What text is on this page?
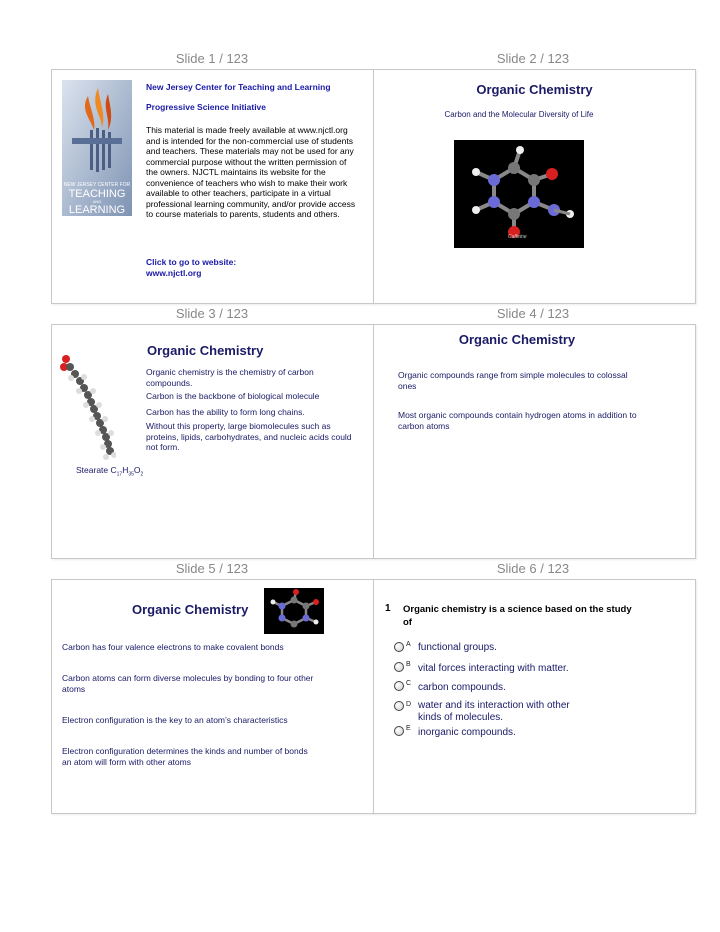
Slide 1 / 123	Slide 2 / 123
Slide 3 / 123	Slide 4 / 123
Slide 5 / 123	Slide 6 / 123
NEW JERSEY CENTER FOR
TEACHING
AND
LEARNING
New Jersey Center for Teaching and Learning
Progressive Science Initiative
This material is made freely available at www.njctl.org and is intended for the non-commercial use of students and teachers. These materials may not be used for any commercial purpose without the written permission of the owners. NJCTL maintains its website for the convenience of teachers who wish to make their work available to other teachers, participate in a virtual professional learning community, and/or provide access to course materials to parents, students and others.
Click to go to website:
www.njctl.org
Organic Chemistry
Carbon and the Molecular Diversity of Life
Caffeine
Organic Chemistry
Organic chemistry is the chemistry of carbon compounds.
Carbon is the backbone of biological molecule
Carbon has the ability to form long chains.
Without this property, large biomolecules such as proteins, lipids, carbohydrates, and nucleic acids could not form.
Stearate $C_{17}H_{35}O_2$
Organic Chemistry
Organic compounds range from simple molecules to colossal ones
Most organic compounds contain hydrogen atoms in addition to carbon atoms
Organic Chemistry
Carbon has four valence electrons to make covalent bonds
Carbon atoms can form diverse molecules by bonding to four other atoms
Electron configuration is the key to an atom’s characteristics
Electron configuration determines the kinds and number of bonds an atom will form with other atoms
1 Organic chemistry is a science based on the study of
A functional groups.
B vital forces interacting with matter.
C carbon compounds.
D water and its interaction with other kinds of molecules.
E inorganic compounds.
